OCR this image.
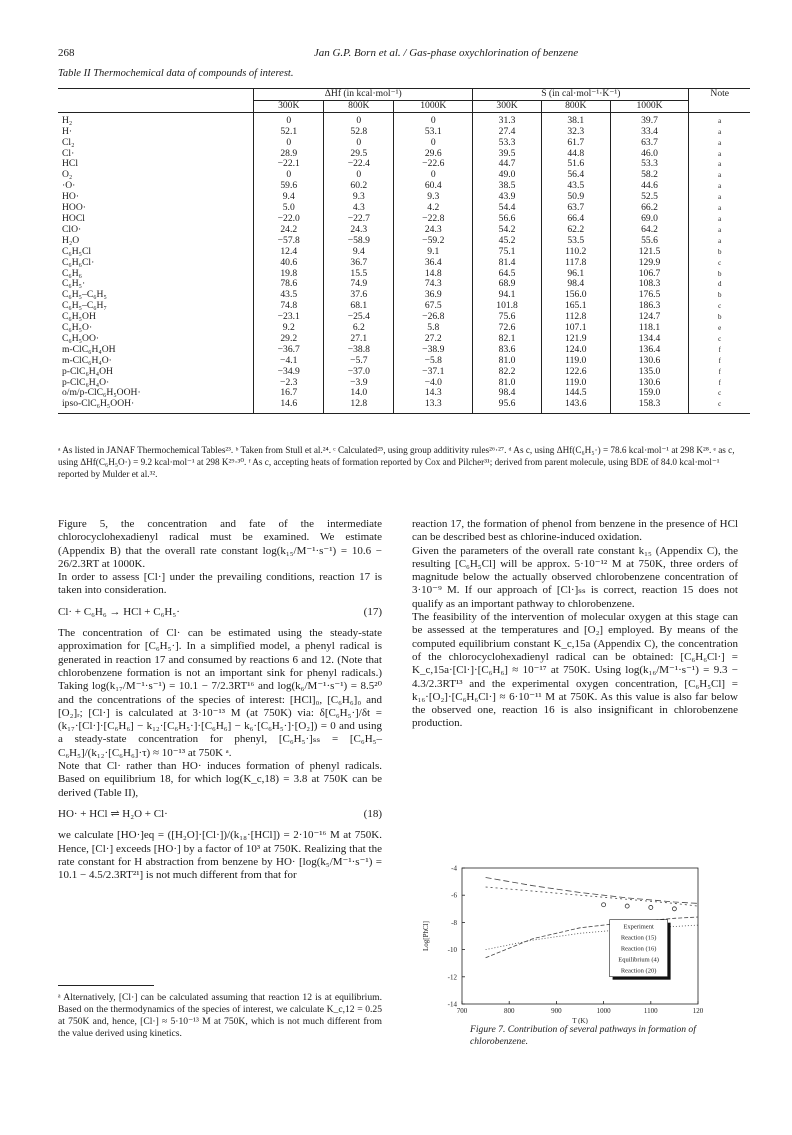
268	Jan G.P. Born et al. / Gas-phase oxychlorination of benzene
Table II Thermochemical data of compounds of interest.
	ΔHf (in kcal·mol⁻¹)			S (in cal·mol⁻¹·K⁻¹)			Note
	300K	800K	1000K	300K	800K	1000K	
H₂	0	0	0	31.3	38.1	39.7	a
H·	52.1	52.8	53.1	27.4	32.3	33.4	a
Cl₂	0	0	0	53.3	61.7	63.7	a
Cl·	28.9	29.5	29.6	39.5	44.8	46.0	a
HCl	−22.1	−22.4	−22.6	44.7	51.6	53.3	a
O₂	0	0	0	49.0	56.4	58.2	a
·O·	59.6	60.2	60.4	38.5	43.5	44.6	a
HO·	9.4	9.3	9.3	43.9	50.9	52.5	a
HOO·	5.0	4.3	4.2	54.4	63.7	66.2	a
HOCl	−22.0	−22.7	−22.8	56.6	66.4	69.0	a
ClO·	24.2	24.3	24.3	54.2	62.2	64.2	a
H₂O	−57.8	−58.9	−59.2	45.2	53.5	55.6	a
C₆H₅Cl	12.4	9.4	9.1	75.1	110.2	121.5	b
C₆H₆Cl·	40.6	36.7	36.4	81.4	117.8	129.9	c
C₆H₆	19.8	15.5	14.8	64.5	96.1	106.7	b
C₆H₅·	78.6	74.9	74.3	68.9	98.4	108.3	d
C₆H₅–C₆H₅	43.5	37.6	36.9	94.1	156.0	176.5	b
C₆H₅–C₆H₇	74.8	68.1	67.5	101.8	165.1	186.3	c
C₆H₅OH	−23.1	−25.4	−26.8	75.6	112.8	124.7	b
C₆H₅O·	9.2	6.2	5.8	72.6	107.1	118.1	e
C₆H₅OO·	29.2	27.1	27.2	82.1	121.9	134.4	c
m-ClC₆H₄OH	−36.7	−38.8	−38.9	83.6	124.0	136.4	f
m-ClC₆H₄O·	−4.1	−5.7	−5.8	81.0	119.0	130.6	f
p-ClC₆H₄OH	−34.9	−37.0	−37.1	82.2	122.6	135.0	f
p-ClC₆H₄O·	−2.3	−3.9	−4.0	81.0	119.0	130.6	f
o/m/p-ClC₆H₅OOH·	16.7	14.0	14.3	98.4	144.5	159.0	c
ipso-ClC₆H₅OOH·	14.6	12.8	13.3	95.6	143.6	158.3	c
ᵃ As listed in JANAF Thermochemical Tables²³. ᵇ Taken from Stull et al.²⁴. ᶜ Calculated²⁵, using group additivity rules²⁶·²⁷. ᵈ As c, using ΔHf(C₆H₅·) = 78.6 kcal·mol⁻¹ at 298 K²⁸. ᵉ as c, using ΔHf(C₆H₅O·) = 9.2 kcal·mol⁻¹ at 298 K²⁹·³⁰. ᶠ As c, accepting heats of formation reported by Cox and Pilcher³¹; derived from parent molecule, using BDE of 84.0 kcal·mol⁻¹ reported by Mulder et al.³².

Figure 5, the concentration and fate of the intermediate chlorocyclohexadienyl radical must be examined. We estimate (Appendix B) that the overall rate constant log(k₁₅/M⁻¹·s⁻¹) = 10.6 − 26/2.3RT at 1000K.

In order to assess [Cl·] under the prevailing conditions, reaction 17 is taken into consideration.

Cl· + C₆H₆ → HCl + C₆H₅·	(17)

The concentration of Cl· can be estimated using the steady-state approximation for [C₆H₅·]. In a simplified model, a phenyl radical is generated in reaction 17 and consumed by reactions 6 and 12. (Note that chlorobenzene formation is not an important sink for phenyl radicals.) Taking log(k₁₇/M⁻¹·s⁻¹) = 10.1 − 7/2.3RT¹⁶ and log(k₆/M⁻¹·s⁻¹) = 8.5²⁰ and the concentrations of the species of interest: [HCl]₀, [C₆H₆]₀ and [O₂]ᵣ; [Cl·] is calculated at 3·10⁻¹³ M (at 750K) via: δ[C₆H₅·]/δt = (k₁₇·[Cl·]·[C₆H₆] − k₁₂·[C₆H₅·]·[C₆H₆] − k₆·[C₆H₅·]·[O₂]) = 0 and using a steady-state concentration for phenyl, [C₆H₅·]ₛₛ = [C₆H₅–C₆H₅]/(k₁₂·[C₆H₆]·τ) ≈ 10⁻¹³ at 750K ᵃ.

Note that Cl· rather than HO· induces formation of phenyl radicals. Based on equilibrium 18, for which log(K_c,18) = 3.8 at 750K can be derived (Table II),

HO· + HCl ⇌ H₂O + Cl·	(18)

we calculate [HO·]eq = ([H₂O]·[Cl·])/(k₁₈·[HCl]) = 2·10⁻¹⁶ M at 750K. Hence, [Cl·] exceeds [HO·] by a factor of 10³ at 750K. Realizing that the rate constant for H abstraction from benzene by HO· [log(k₅/M⁻¹·s⁻¹) = 10.1 − 4.5/2.3RT²¹] is not much different from that for

ᵃ Alternatively, [Cl·] can be calculated assuming that reaction 12 is at equilibrium. Based on the thermodynamics of the species of interest, we calculate K_c,12 = 0.25 at 750K and, hence, [Cl·] ≈ 5·10⁻¹³ M at 750K, which is not much different from the value derived using kinetics.

reaction 17, the formation of phenol from benzene in the presence of HCl can be described best as chlorine-induced oxidation.

Given the parameters of the overall rate constant k₁₅ (Appendix C), the resulting [C₆H₅Cl] will be approx. 5·10⁻¹² M at 750K, three orders of magnitude below the actually observed chlorobenzene concentration of 3·10⁻⁹ M. If our approach of [Cl·]ₛₛ is correct, reaction 15 does not qualify as an important pathway to chlorobenzene.

The feasibility of the intervention of molecular oxygen at this stage can be assessed at the temperatures and [O₂] employed. By means of the computed equilibrium constant K_c,15a (Appendix C), the concentration of the chlorocyclohexadienyl radical can be obtained: [C₆H₆Cl·] = K_c,15a·[Cl·]·[C₆H₆] ≈ 10⁻¹⁷ at 750K. Using log(k₁₆/M⁻¹·s⁻¹) = 9.3 − 4.3/2.3RT¹³ and the experimental oxygen concentration, [C₆H₅Cl] = k₁₆·[O₂]·[C₆H₆Cl·] ≈ 6·10⁻¹¹ M at 750K. As this value is also far below the observed one, reaction 16 is also insignificant in chlorobenzene production.

700	800	900	1000	1100	120
-4
-6
-8
-10
-12
-14
T (K)
Log[PhCl]	Experiment
Reaction (15)
Reaction (16)
Equilibrium (4)
Reaction (20)
Figure 7. Contribution of several pathways in formation of chlorobenzene.
